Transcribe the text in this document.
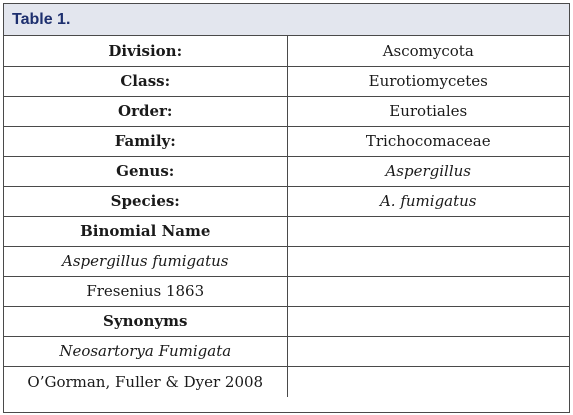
Table 1.
Division:	Ascomycota
Class:	Eurotiomycetes
Order:	Eurotiales
Family:	Trichocomaceae
Genus:	Aspergillus
Species:	A. fumigatus
Binomial Name	
Aspergillus fumigatus	
Fresenius 1863	
Synonyms	
Neosartorya Fumigata	
O’Gorman, Fuller & Dyer 2008	
